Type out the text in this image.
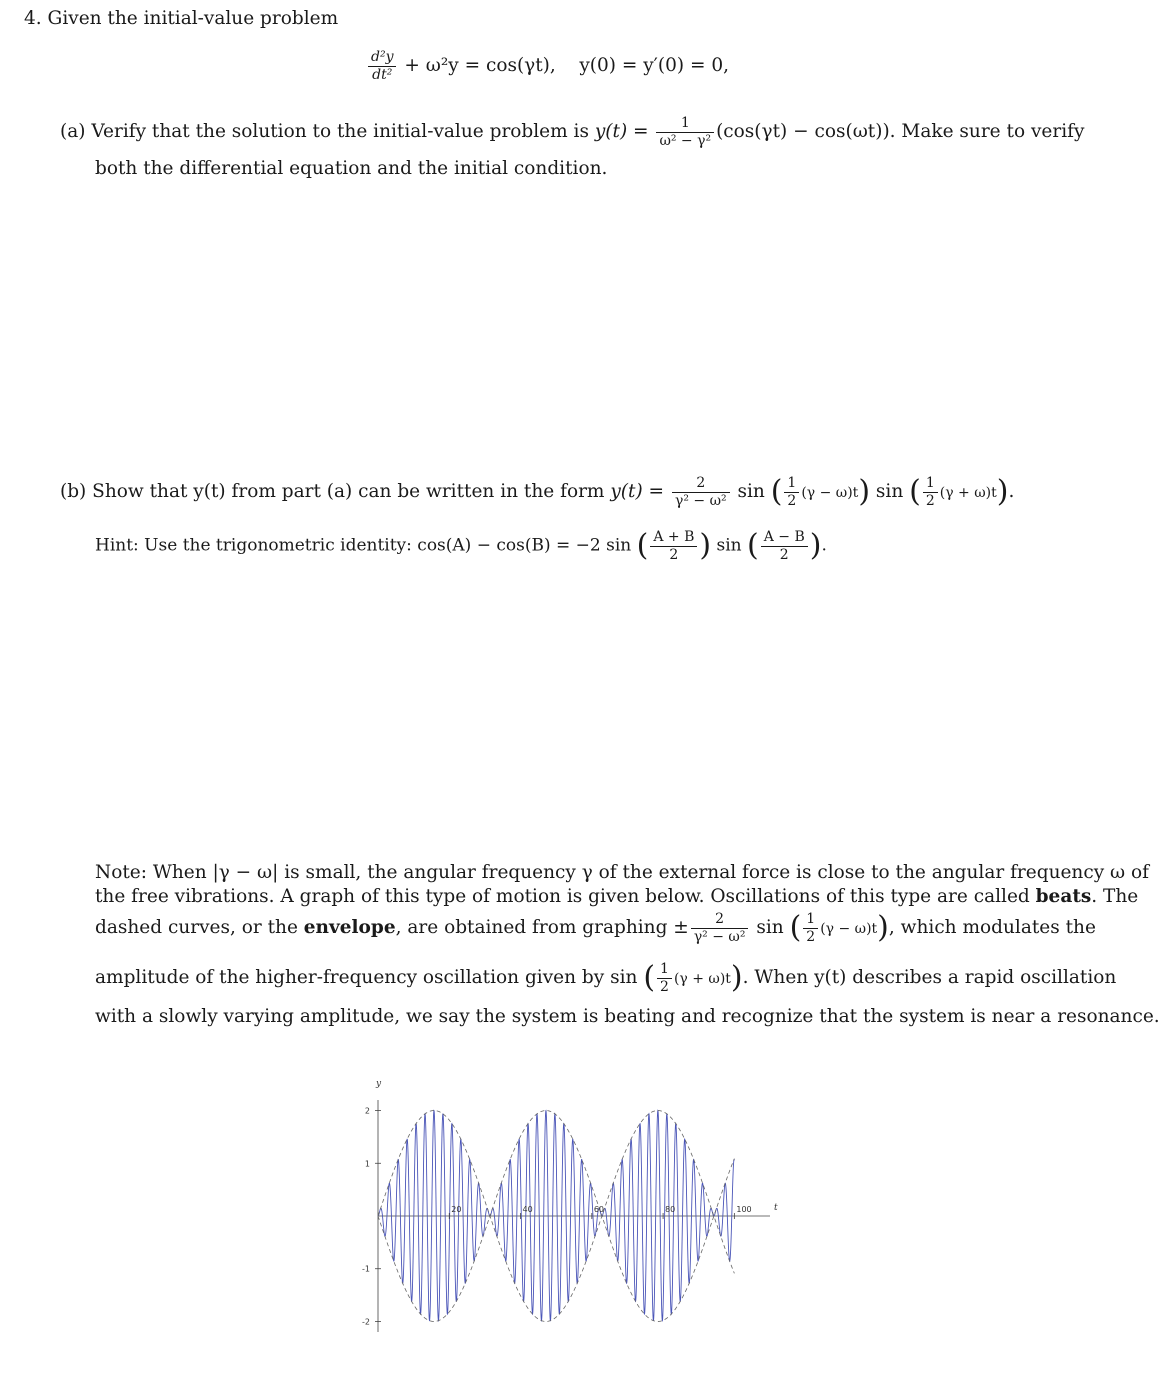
4. Given the initial-value problem
$\frac{\text{d²y}}{\text{dt²}} + \omega^2y = \cos(\gamma t)$, y(0) = y′(0) = 0,
(a) Verify that the solution to the initial-value problem is $y(t) = \frac{1}{\text{ω² − γ²}} (\cos(\gamma t) - \cos(\omega t))$. Make sure to verify
both the differential equation and the initial condition.
(b) Show that y(t) from part (a) can be written in the form $y(t) = \frac{2}{\text{γ² − ω²}}$ sin ( $\frac{1}{2} (\gamma - \omega)t$) sin ( $\frac{1}{2} (\gamma + \omega)t$).
Hint: Use the trigonometric identity: cos(A) − cos(B) = −2 sin ( $\frac{A + B}{2}$ ) sin ( $\frac{A - B}{2}$ ).
Note: When |γ − ω| is small, the angular frequency γ of the external force is close to the angular frequency ω of
the free vibrations. A graph of this type of motion is given below. Oscillations of this type are called beats. The
dashed curves, or the envelope, are obtained from graphing ± $\frac{2}{\text{γ² − ω²}}$ sin ( $\frac{1}{2} (\gamma - \omega)t$), which modulates the
amplitude of the higher-frequency oscillation given by sin ( $\frac{1}{2} (\gamma + \omega)t$). When y(t) describes a rapid oscillation
with a slowly varying amplitude, we say the system is beating and recognize that the system is near a resonance.
20	40	60	80	100
2
1
-1
-2
y
t
